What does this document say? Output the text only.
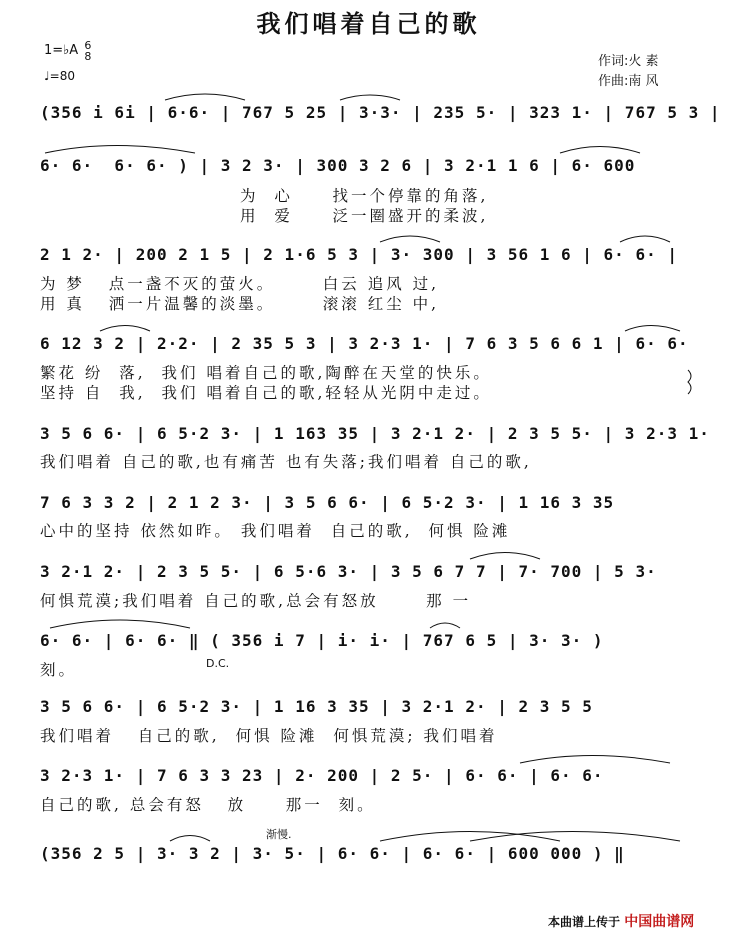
我们唱着自己的歌
1=♭A 6
8
♩=80
作词:火 素
作曲:南 风
(356 i 6i | 6·6· | 767 5 25 | 3·3· | 235 5· | 323 1· | 767 5 3 |
6· 6·  6· 6· ) | 3 2 3· | 300 3 2 6 | 3 2·1 1 6 | 6· 600
为  心     找一个停靠的角落,
用  爱     泛一圈盛开的柔波,
2 1 2· | 200 2 1 5 | 2 1·6 5 3 | 3· 300 | 3 56 1 6 | 6· 6· |
为 梦   点一盏不灭的萤火。      白云 追风 过,
用 真   洒一片温馨的淡墨。      滚滚 红尘 中,
6 12 3 2 | 2·2· | 2 35 5 3 | 3 2·3 1· | 7 6 3 5 6 6 1 | 6· 6·
繁花 纷  落,  我们 唱着自己的歌,陶醉在天堂的快乐。
坚持 自  我,  我们 唱着自己的歌,轻轻从光阴中走过。
3 5 6 6· | 6 5·2 3· | 1 163 35 | 3 2·1 2· | 2 3 5 5· | 3 2·3 1·
我们唱着 自己的歌,也有痛苦 也有失落;我们唱着 自己的歌,
7 6 3 3 2 | 2 1 2 3· | 3 5 6 6· | 6 5·2 3· | 1 16 3 35
心中的坚持 依然如昨。 我们唱着  自己的歌,  何惧 险滩
3 2·1 2· | 2 3 5 5· | 6 5·6 3· | 3 5 6 7 7 | 7· 700 | 5 3·
何惧荒漠;我们唱着 自己的歌,总会有怒放      那 一
6· 6· | 6· 6· ‖ ( 356 i 7 | i· i· | 767 6 5 | 3· 3· )
刻。	D.C.
3 5 6 6· | 6 5·2 3· | 1 16 3 35 | 3 2·1 2· | 2 3 5 5
我们唱着   自己的歌,  何惧 险滩  何惧荒漠; 我们唱着
3 2·3 1· | 7 6 3 3 23 | 2· 200 | 2 5· | 6· 6· | 6· 6·
自己的歌, 总会有怒   放     那一  刻。
渐慢.
(356 2 5 | 3· 3 2 | 3· 5· | 6· 6· | 6· 6· | 600 000 ) ‖
本曲谱上传于 中国曲谱网
